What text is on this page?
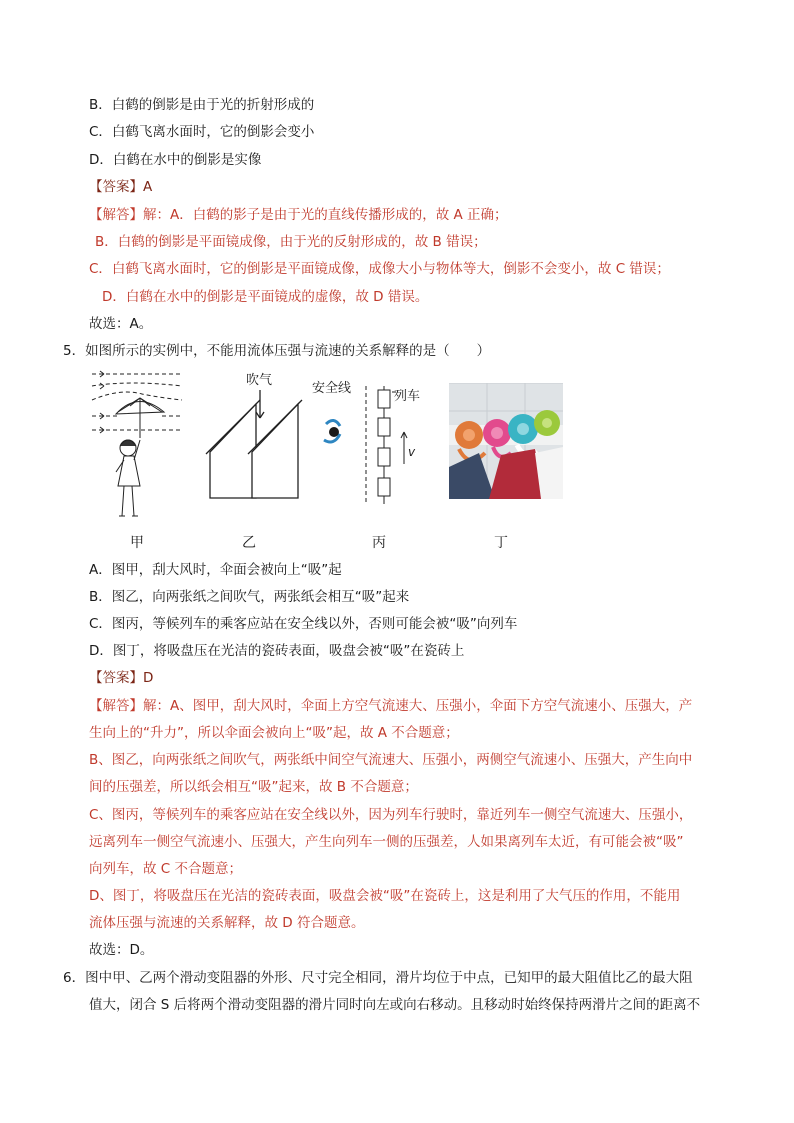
B．白鹤的倒影是由于光的折射形成的
C．白鹤飞离水面时，它的倒影会变小
D．白鹤在水中的倒影是实像
【答案】A
【解答】解：A．白鹤的影子是由于光的直线传播形成的，故 A 正确；
B．白鹤的倒影是平面镜成像，由于光的反射形成的，故 B 错误；
C．白鹤飞离水面时，它的倒影是平面镜成像，成像大小与物体等大，倒影不会变小，故 C 错误；
D．白鹤在水中的倒影是平面镜成的虚像，故 D 错误。
故选：A。
5．如图所示的实例中，不能用流体压强与流速的关系解释的是（　　）
吹气
安全线
列车
v
甲	乙	丙	丁
A．图甲，刮大风时，伞面会被向上“吸”起
B．图乙，向两张纸之间吹气，两张纸会相互“吸”起来
C．图丙，等候列车的乘客应站在安全线以外，否则可能会被“吸”向列车
D．图丁，将吸盘压在光洁的瓷砖表面，吸盘会被“吸”在瓷砖上
【答案】D
【解答】解：A、图甲，刮大风时，伞面上方空气流速大、压强小，伞面下方空气流速小、压强大，产
生向上的“升力”，所以伞面会被向上“吸”起，故 A 不合题意；
B、图乙，向两张纸之间吹气，两张纸中间空气流速大、压强小，两侧空气流速小、压强大，产生向中
间的压强差，所以纸会相互“吸”起来，故 B 不合题意；
C、图丙，等候列车的乘客应站在安全线以外，因为列车行驶时，靠近列车一侧空气流速大、压强小，
远离列车一侧空气流速小、压强大，产生向列车一侧的压强差，人如果离列车太近，有可能会被“吸”
向列车，故 C 不合题意；
D、图丁，将吸盘压在光洁的瓷砖表面，吸盘会被“吸”在瓷砖上，这是利用了大气压的作用，不能用
流体压强与流速的关系解释，故 D 符合题意。
故选：D。
6．图中甲、乙两个滑动变阻器的外形、尺寸完全相同，滑片均位于中点，已知甲的最大阻值比乙的最大阻
值大，闭合 S 后将两个滑动变阻器的滑片同时向左或向右移动。且移动时始终保持两滑片之间的距离不
